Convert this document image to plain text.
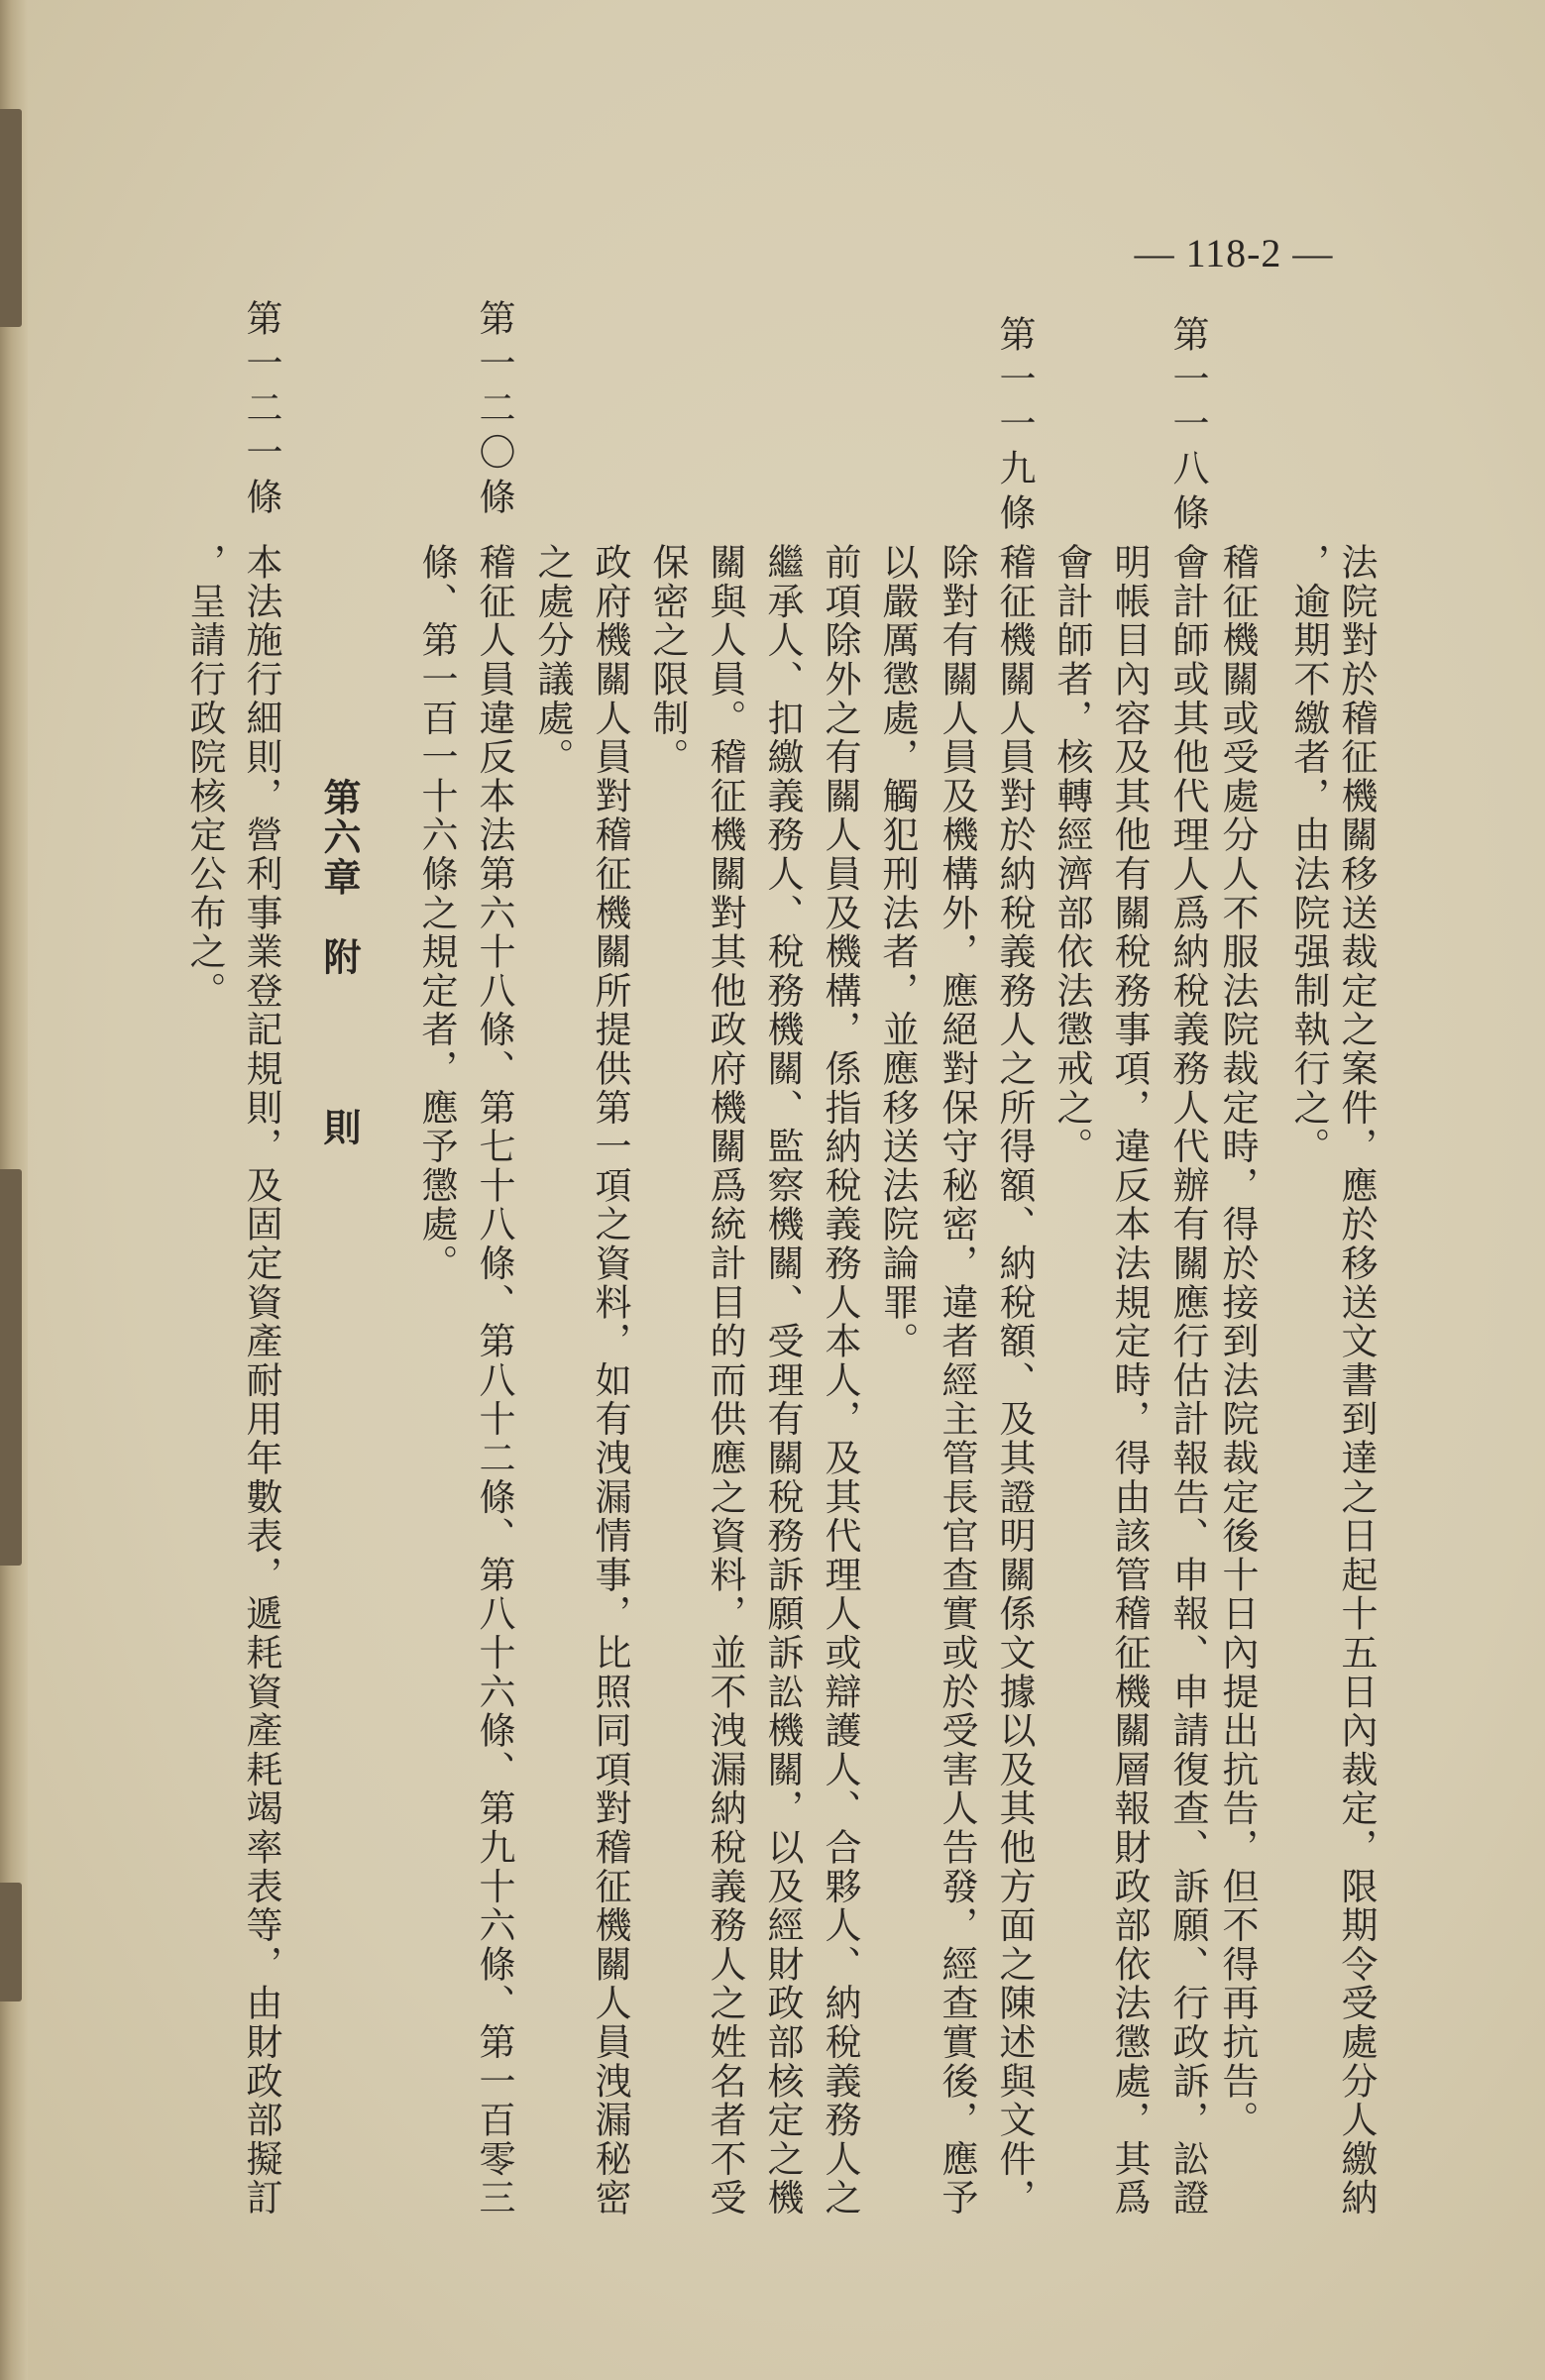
— 118-2 —
法院對於稽征機關移送裁定之案件，應於移送文書到達之日起十五日內裁定，限期令受處分人繳納
，逾期不繳者，由法院强制執行之。
第一一八條
稽征機關或受處分人不服法院裁定時，得於接到法院裁定後十日內提出抗告，但不得再抗告。
會計師或其他代理人爲納稅義務人代辦有關應行估計報告、申報、申請復查、訴願、行政訴，訟證
明帳目內容及其他有關稅務事項，違反本法規定時，得由該管稽征機關層報財政部依法懲處，其爲
會計師者，核轉經濟部依法懲戒之。
第一一九條
稽征機關人員對於納稅義務人之所得額、納稅額、及其證明關係文據以及其他方面之陳述與文件，
除對有關人員及機構外，應絕對保守秘密，違者經主管長官查實或於受害人告發，經查實後，應予
以嚴厲懲處，觸犯刑法者，並應移送法院論罪。
前項除外之有關人員及機構，係指納稅義務人本人，及其代理人或辯護人、合夥人、納稅義務人之
繼承人、扣繳義務人、稅務機關、監察機關、受理有關稅務訴願訴訟機關，以及經財政部核定之機
關與人員。稽征機關對其他政府機關爲統計目的而供應之資料，並不洩漏納稅義務人之姓名者不受
保密之限制。
政府機關人員對稽征機關所提供第一項之資料，如有洩漏情事，比照同項對稽征機關人員洩漏秘密
之處分議處。
第一二〇條
稽征人員違反本法第六十八條、第七十八條、第八十二條、第八十六條、第九十六條、第一百零三
條、第一百一十六條之規定者，應予懲處。
第六章　附
則
第一二一條
本法施行細則，營利事業登記規則，及固定資產耐用年數表，遞耗資產耗竭率表等，由財政部擬訂
，呈請行政院核定公布之。
